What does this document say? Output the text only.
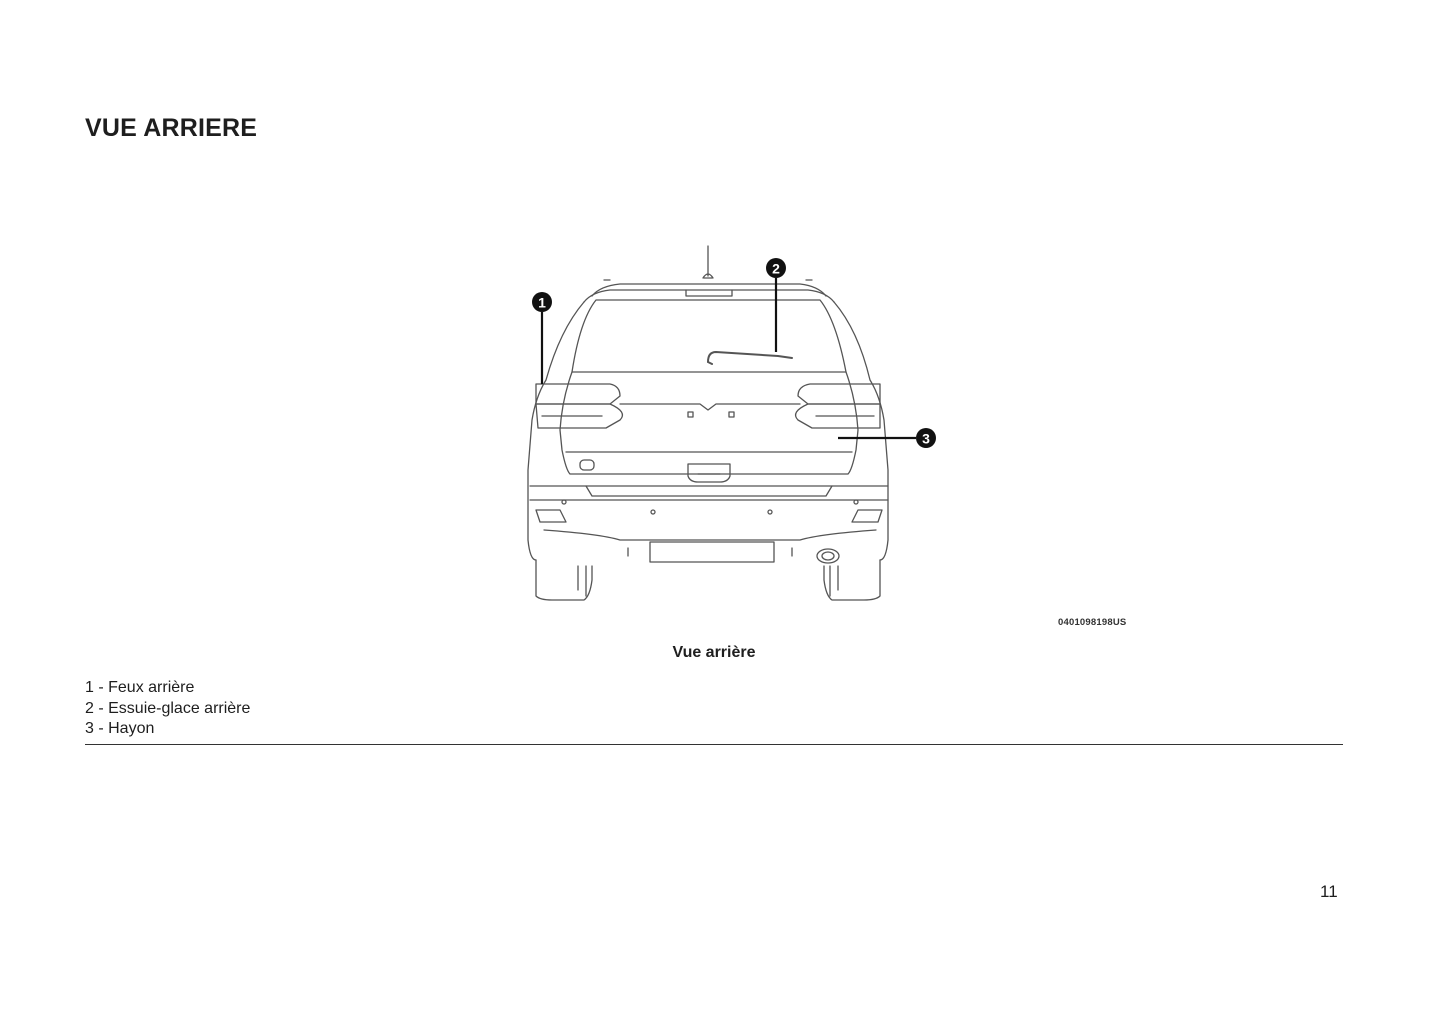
VUE ARRIERE
1
2
3
0401098198US
Vue arrière
1 - Feux arrière
2 - Essuie-glace arrière
3 - Hayon
11
